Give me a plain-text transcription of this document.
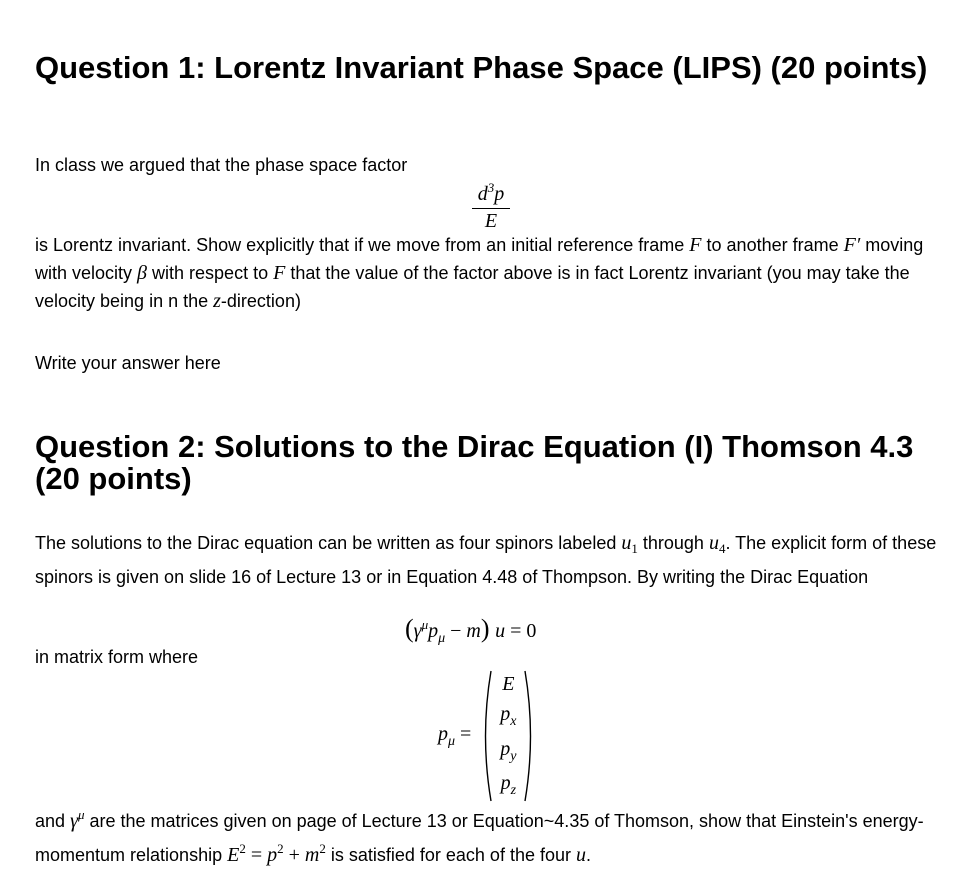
Question 1: Lorentz Invariant Phase Space (LIPS) (20 points)

In class we argued that the phase space factor

$d^3p$
E

is Lorentz invariant. Show explicitly that if we move from an initial reference frame F to another frame F′ moving with velocity β with respect to F that the value of the factor above is in fact Lorentz invariant (you may take the velocity being in n the z-direction)

Write your answer here

Question 2: Solutions to the Dirac Equation (I) Thomson 4.3 (20 points)

The solutions to the Dirac equation can be written as four spinors labeled $u_1$ through $u_4$. The explicit form of these spinors is given on slide 16 of Lecture 13 or in Equation 4.48 of Thompson. By writing the Dirac Equation

$(\gamma^\mu p_\mu - m) u = 0$

in matrix form where

pμ =
E
$p_x$
$p_y$
$p_z$

and $\gamma^\mu$ are the matrices given on page of Lecture 13 or Equation~4.35 of Thomson, show that Einstein's energy-momentum relationship $E^2 = p^2 + m^2$ is satisfied for each of the four u.
